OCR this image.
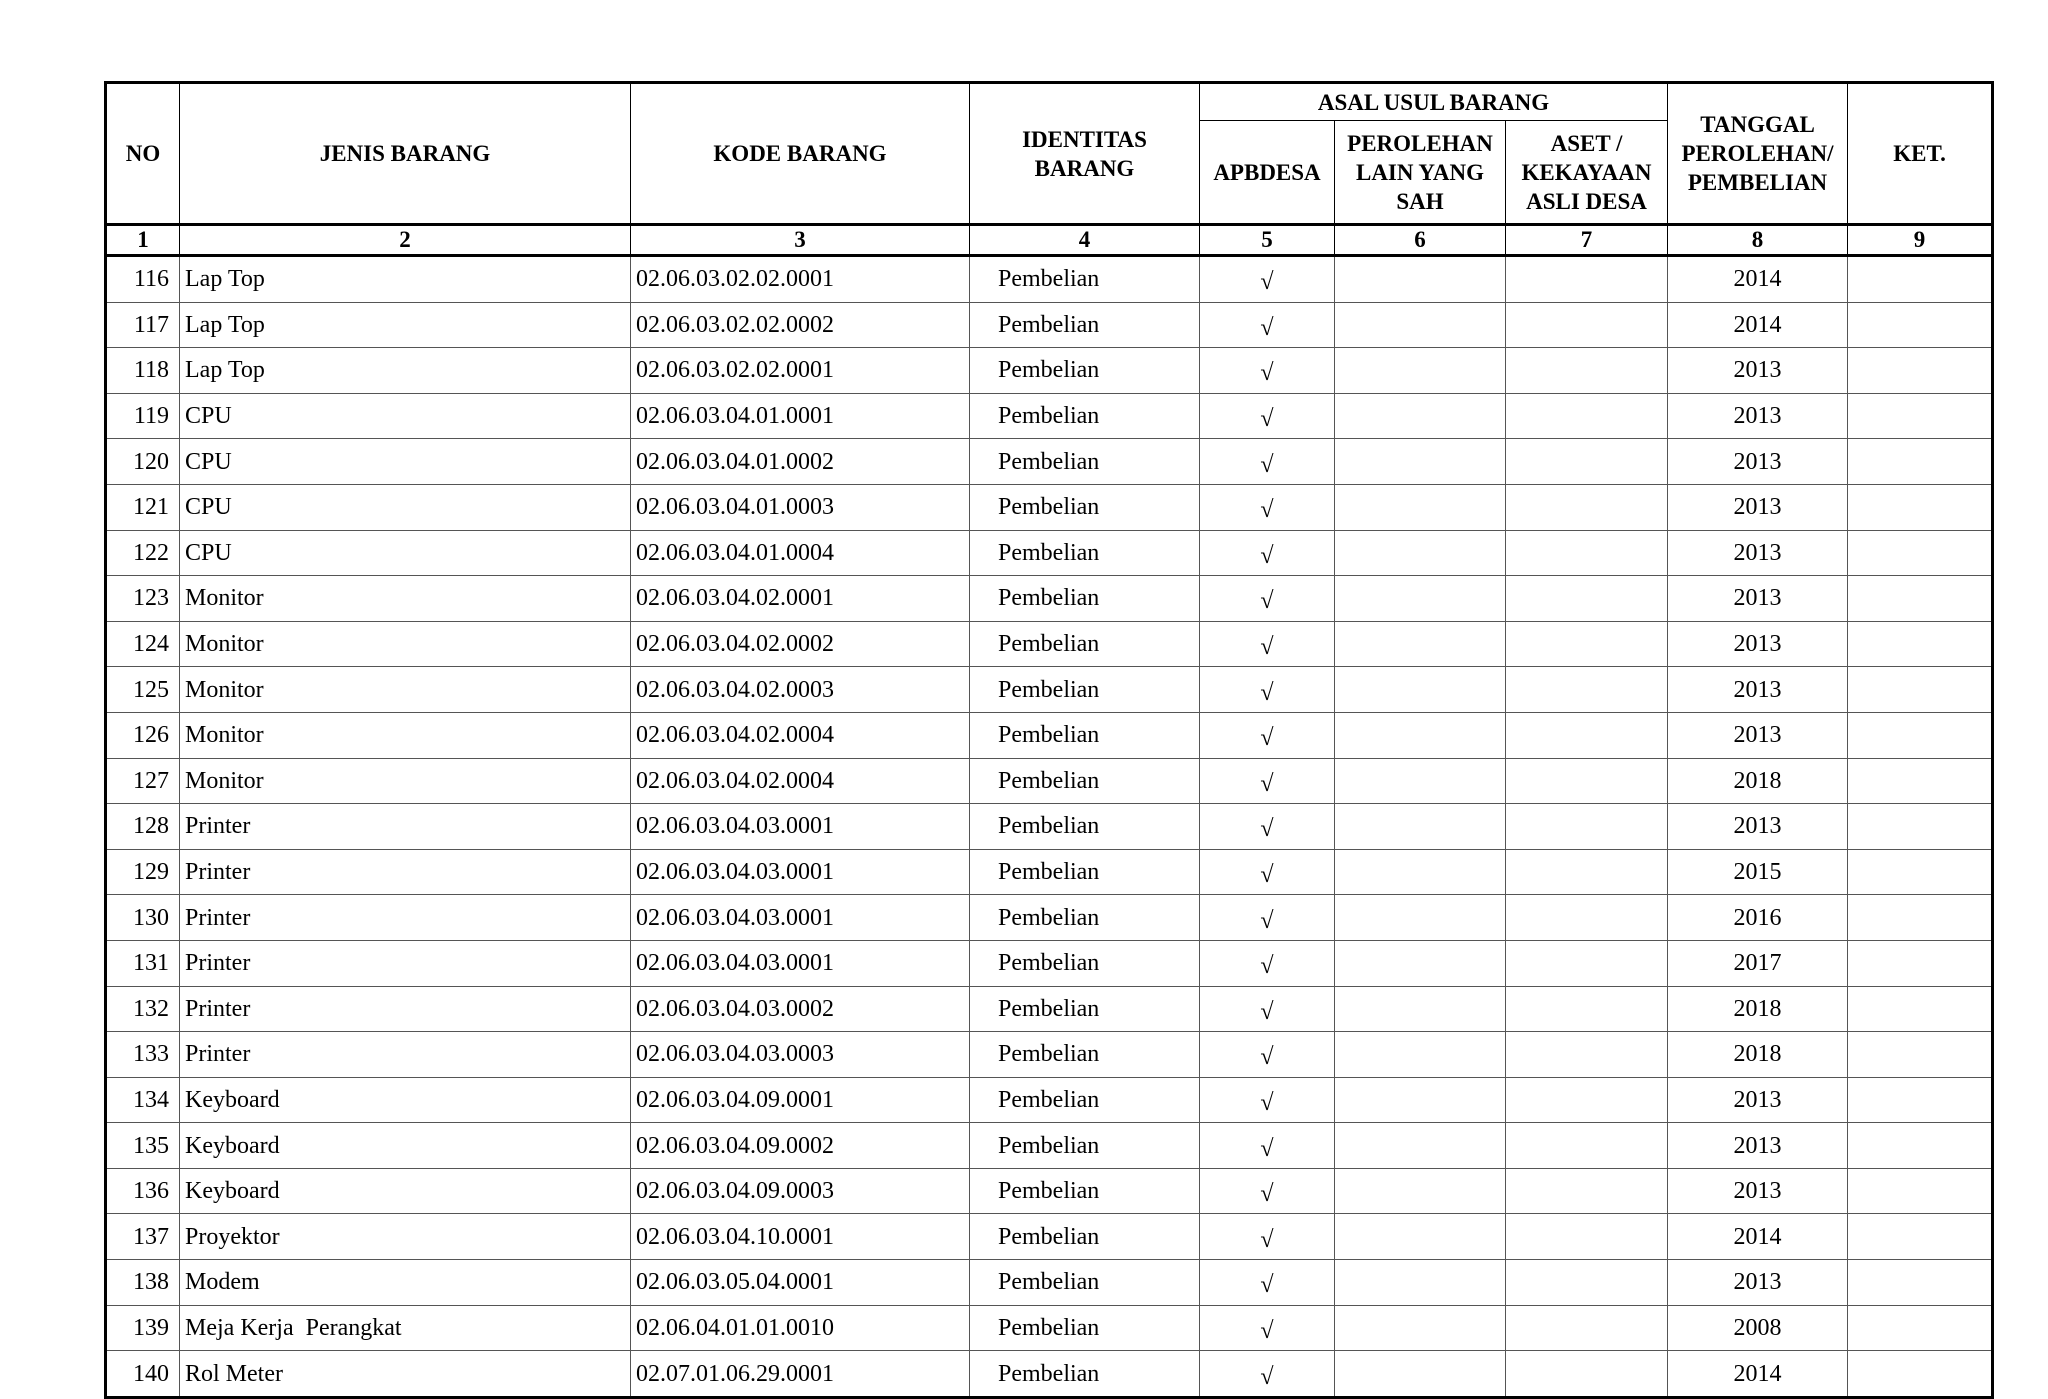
NO	JENIS BARANG	KODE BARANG	IDENTITAS BARANG	ASAL USUL BARANG			TANGGAL PEROLEHAN/ PEMBELIAN	KET.
				APBDESA	PEROLEHAN LAIN YANG SAH	ASET / KEKAYAAN ASLI DESA		
1	2	3	4	5	6	7	8	9
116	Lap Top	02.06.03.02.02.0001	Pembelian	√			2014	
117	Lap Top	02.06.03.02.02.0002	Pembelian	√			2014	
118	Lap Top	02.06.03.02.02.0001	Pembelian	√			2013	
119	CPU	02.06.03.04.01.0001	Pembelian	√			2013	
120	CPU	02.06.03.04.01.0002	Pembelian	√			2013	
121	CPU	02.06.03.04.01.0003	Pembelian	√			2013	
122	CPU	02.06.03.04.01.0004	Pembelian	√			2013	
123	Monitor	02.06.03.04.02.0001	Pembelian	√			2013	
124	Monitor	02.06.03.04.02.0002	Pembelian	√			2013	
125	Monitor	02.06.03.04.02.0003	Pembelian	√			2013	
126	Monitor	02.06.03.04.02.0004	Pembelian	√			2013	
127	Monitor	02.06.03.04.02.0004	Pembelian	√			2018	
128	Printer	02.06.03.04.03.0001	Pembelian	√			2013	
129	Printer	02.06.03.04.03.0001	Pembelian	√			2015	
130	Printer	02.06.03.04.03.0001	Pembelian	√			2016	
131	Printer	02.06.03.04.03.0001	Pembelian	√			2017	
132	Printer	02.06.03.04.03.0002	Pembelian	√			2018	
133	Printer	02.06.03.04.03.0003	Pembelian	√			2018	
134	Keyboard	02.06.03.04.09.0001	Pembelian	√			2013	
135	Keyboard	02.06.03.04.09.0002	Pembelian	√			2013	
136	Keyboard	02.06.03.04.09.0003	Pembelian	√			2013	
137	Proyektor	02.06.03.04.10.0001	Pembelian	√			2014	
138	Modem	02.06.03.05.04.0001	Pembelian	√			2013	
139	Meja Kerja  Perangkat	02.06.04.01.01.0010	Pembelian	√			2008	
140	Rol Meter	02.07.01.06.29.0001	Pembelian	√			2014	
